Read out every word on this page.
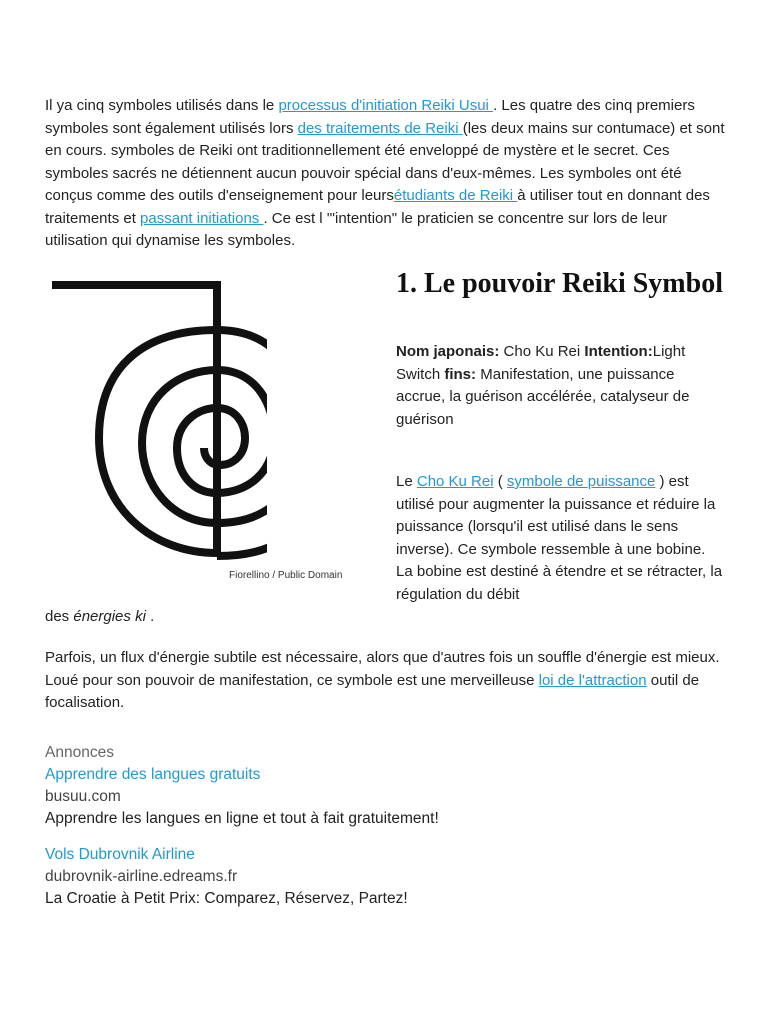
Il ya cinq symboles utilisés dans le processus d'initiation Reiki Usui . Les quatre des cinq premiers symboles sont également utilisés lors des traitements de Reiki (les deux mains sur contumace) et sont en cours. symboles de Reiki ont traditionnellement été enveloppé de mystère et le secret. Ces symboles sacrés ne détiennent aucun pouvoir spécial dans d'eux-mêmes. Les symboles ont été conçus comme des outils d'enseignement pour leursétudiants de Reiki à utiliser tout en donnant des traitements et passant initiations . Ce est l '"intention" le praticien se concentre sur lors de leur utilisation qui dynamise les symboles.

Fiorellino / Public Domain
1. Le pouvoir Reiki Symbol

Nom japonais: Cho Ku Rei Intention:Light Switch fins: Manifestation, une puissance accrue, la guérison accélérée, catalyseur de guérison

Le Cho Ku Rei ( symbole de puissance ) est utilisé pour augmenter la puissance et réduire la puissance (lorsqu'il est utilisé dans le sens inverse). Ce symbole ressemble à une bobine. La bobine est destiné à étendre et se rétracter, la régulation du débit

des énergies ki .

Parfois, un flux d'énergie subtile est nécessaire, alors que d'autres fois un souffle d'énergie est mieux. Loué pour son pouvoir de manifestation, ce symbole est une merveilleuse loi de l'attraction outil de focalisation.

Annonces
Apprendre des langues gratuits
busuu.com
Apprendre les langues en ligne et tout à fait gratuitement!
Vols Dubrovnik Airline
dubrovnik-airline.edreams.fr
La Croatie à Petit Prix: Comparez, Réservez, Partez!
